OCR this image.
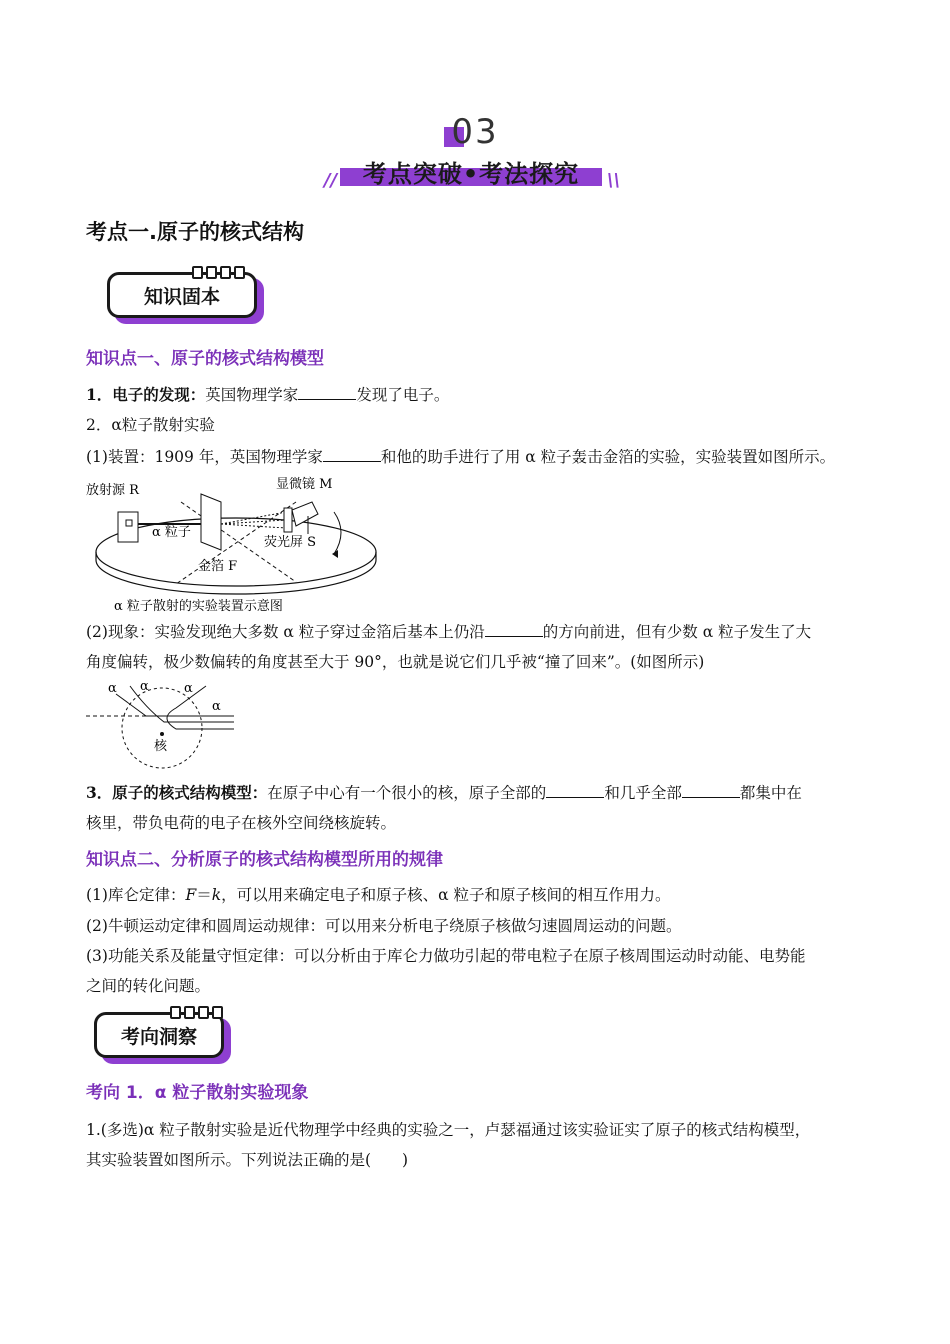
03
考点突破•考法探究
//	\\
考点一.原子的核式结构
知识固本
知识点一、原子的核式结构模型
1．电子的发现：英国物理学家	发现了电子。
2．α粒子散射实验
(1)装置：1909 年，英国物理学家	和他的助手进行了用 α 粒子轰击金箔的实验，实验装置如图所示。
放射源 R	显微镜 M
α 粒子
荧光屏 S
金箔 F
α 粒子散射的实验装置示意图
(2)现象：实验发现绝大多数 α 粒子穿过金箔后基本上仍沿	的方向前进，但有少数 α 粒子发生了大
角度偏转，极少数偏转的角度甚至大于 90°，也就是说它们几乎被“撞了回来”。(如图所示)
α α	α
α
核
3．原子的核式结构模型：在原子中心有一个很小的核，原子全部的	和几乎全部	都集中在
核里，带负电荷的电子在核外空间绕核旋转。
知识点二、分析原子的核式结构模型所用的规律
(1)库仑定律：F＝k，可以用来确定电子和原子核、α 粒子和原子核间的相互作用力。
(2)牛顿运动定律和圆周运动规律：可以用来分析电子绕原子核做匀速圆周运动的问题。
(3)功能关系及能量守恒定律：可以分析由于库仑力做功引起的带电粒子在原子核周围运动时动能、电势能
之间的转化问题。
考向洞察
考向 1．α 粒子散射实验现象
1.(多选)α 粒子散射实验是近代物理学中经典的实验之一，卢瑟福通过该实验证实了原子的核式结构模型，
其实验装置如图所示。下列说法正确的是(　　)
